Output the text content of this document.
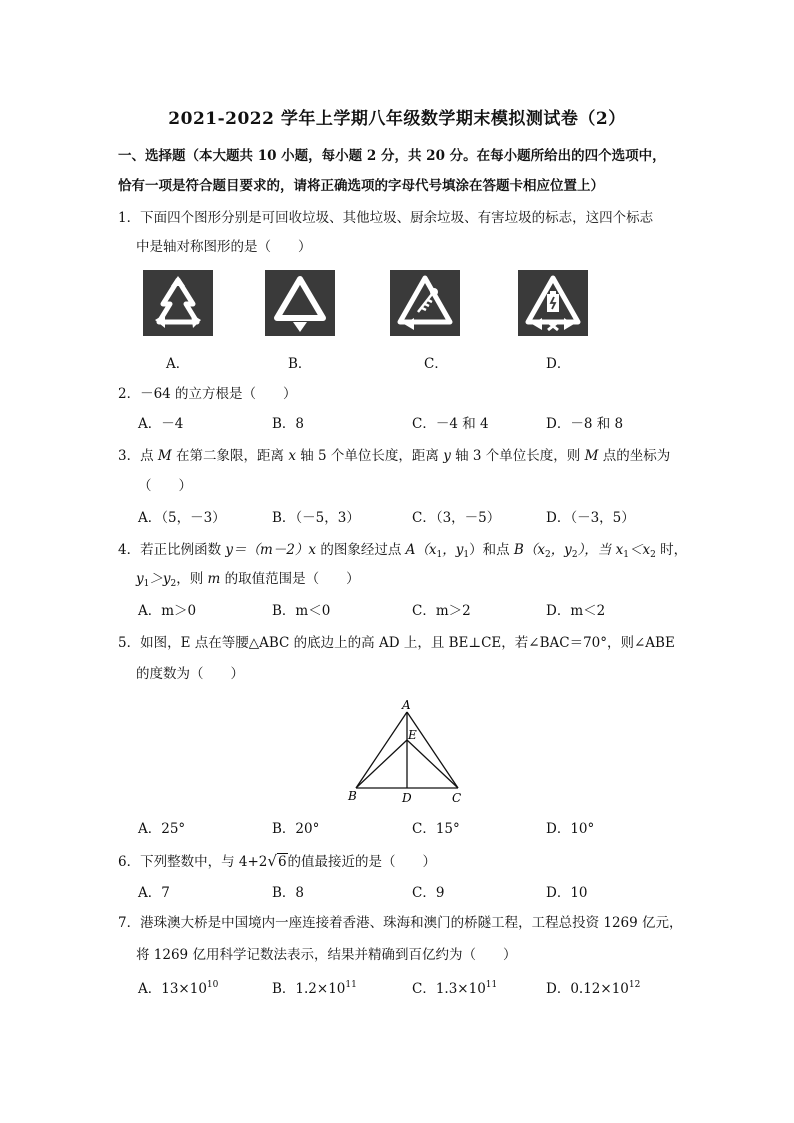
2021-2022 学年上学期八年级数学期末模拟测试卷（2）
一、选择题（本大题共 10 小题，每小题 2 分，共 20 分。在每小题所给出的四个选项中，
恰有一项是符合题目要求的，请将正确选项的字母代号填涂在答题卡相应位置上）
1．下面四个图形分别是可回收垃圾、其他垃圾、厨余垃圾、有害垃圾的标志，这四个标志
中是轴对称图形的是（　　）
A．	B．	C．	D．
2．－64 的立方根是（　　）
A．－4	B．8	C．－4 和 4	D．－8 和 8
3．点 M 在第二象限，距离 x 轴 5 个单位长度，距离 y 轴 3 个单位长度，则 M 点的坐标为
（　　）
A．（5，－3）	B．（－5，3）	C．（3，－5）	D．（－3，5）
4．若正比例函数 y＝（m－2）x 的图象经过点 $A(x_1$，$y_1$）和点 $B(x_2$，$y_2$），当 $x_1<x_2$ 时，
$y_1>y_2$，则 m 的取值范围是（　　）
A．m＞0	B．m＜0	C．m＞2	D．m＜2
5．如图，E 点在等腰△ABC 的底边上的高 AD 上，且 BE⊥CE，若∠BAC＝70°，则∠ABE
的度数为（　　）
A
E
B	D	C
A．25°	B．20°	C．15°	D．10°
6．下列整数中，与 4+2√6的值最接近的是（　　）
A．7	B．8	C．9	D．10
7．港珠澳大桥是中国境内一座连接着香港、珠海和澳门的桥隧工程，工程总投资 1269 亿元，
将 1269 亿用科学记数法表示，结果并精确到百亿约为（　　）
A．$13\times 10^{10}$	B．$1.2\times 10^{11}$	C．$1.3\times 10^{11}$	D．$0.12\times 10^{12}$
